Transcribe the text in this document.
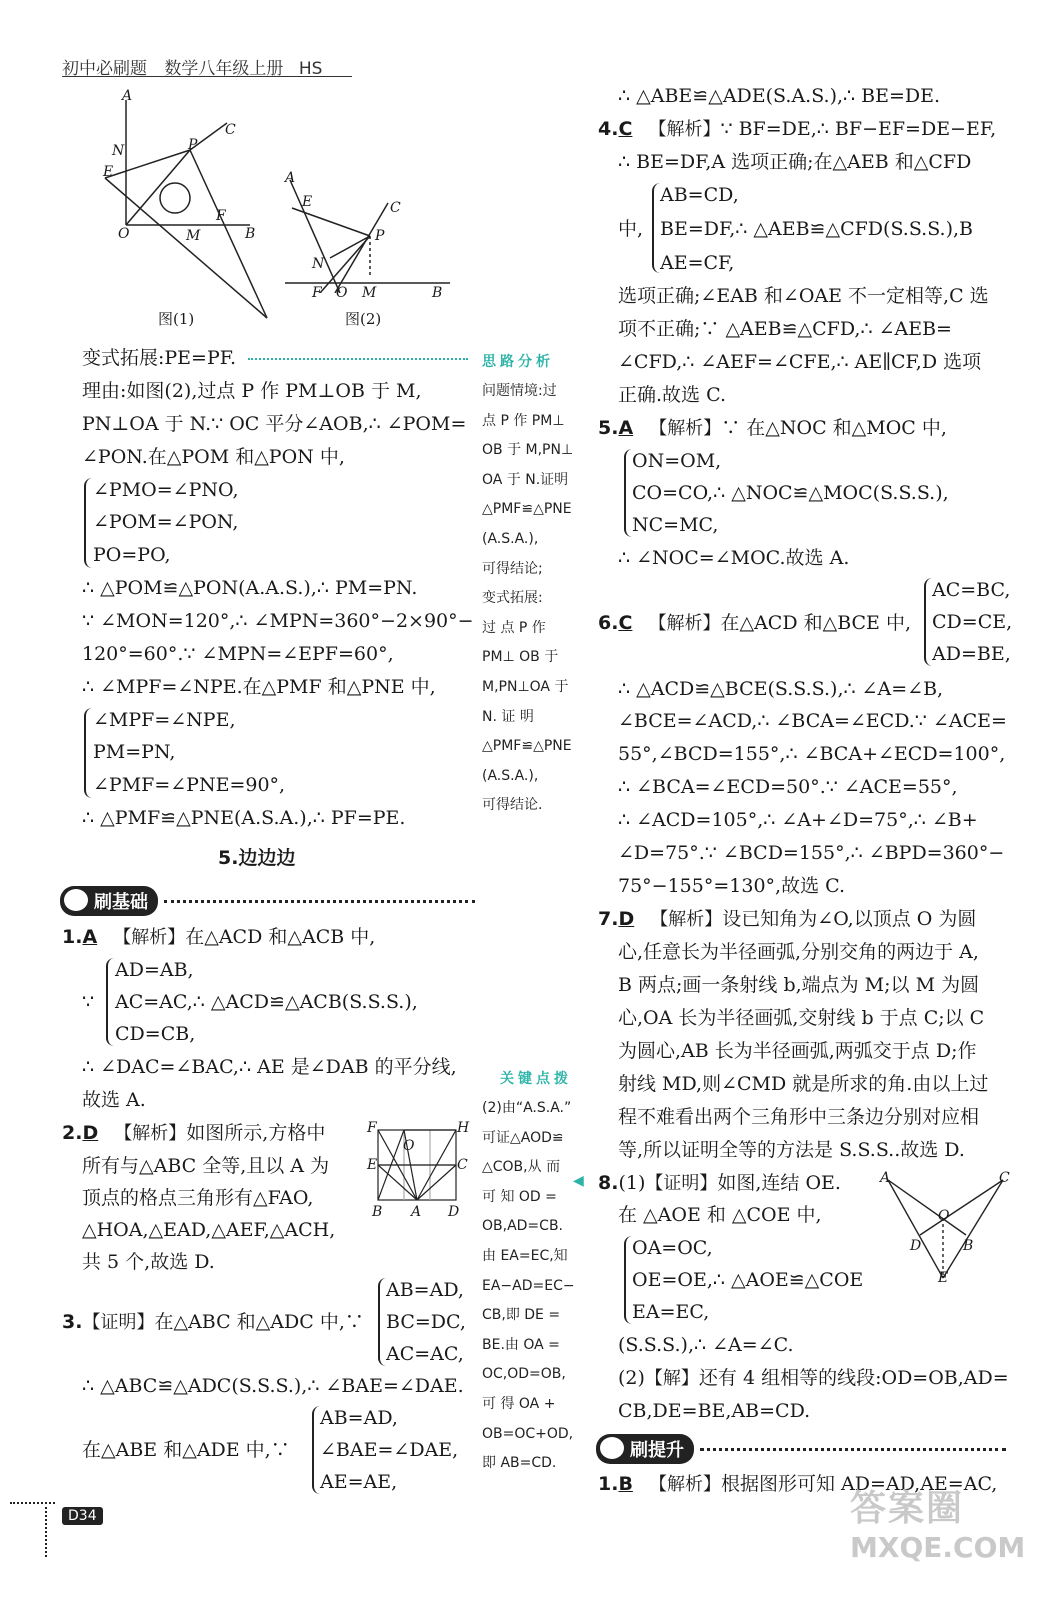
初中必刷题 数学八年级上册 HS
A
N
E
P
C
O	M
F
B
图(1)
A
E	C
P
N
F O M	B
图(2)
变式拓展:PE=PF.
理由:如图(2),过点 P 作 PM⊥OB 于 M,
PN⊥OA 于 N.∵ OC 平分∠AOB,∴ ∠POM=
∠PON.在△POM 和△PON 中,
∠PMO=∠PNO,
∠POM=∠PON,
PO=PO,
∴ △POM≌△PON(A.A.S.),∴ PM=PN.
∵ ∠MON=120°,∴ ∠MPN=360°−2×90°−
120°=60°.∵ ∠MPN=∠EPF=60°,
∴ ∠MPF=∠NPE.在△PMF 和△PNE 中,
∠MPF=∠NPE,
PM=PN,
∠PMF=∠PNE=90°,
∴ △PMF≌△PNE(A.S.A.),∴ PF=PE.
5.边边边
刷基础
1.A 【解析】在△ACD 和△ACB 中,
∵
AD=AB,
AC=AC,∴ △ACD≌△ACB(S.S.S.),
CD=CB,
∴ ∠DAC=∠BAC,∴ AE 是∠DAB 的平分线,
故选 A.
2.D 【解析】如图所示,方格中
所有与△ABC 全等,且以 A 为
顶点的格点三角形有△FAO,
△HOA,△EAD,△AEF,△ACH,
共 5 个,故选 D.
F	H
O
E	C
B A D
3.【证明】在△ABC 和△ADC 中,∵
AB=AD,
BC=DC,
AC=AC,
∴ △ABC≌△ADC(S.S.S.),∴ ∠BAE=∠DAE.
在△ABE 和△ADE 中,∵
AB=AD,
∠BAE=∠DAE,
AE=AE,
D34
思路分析
问题情境:过
点 P 作 PM⊥
OB 于 M,PN⊥
OA 于 N.证明
△PMF≌△PNE
(A.S.A.),
可得结论;
变式拓展:
过 点 P 作
PM⊥ OB 于
M,PN⊥OA 于
N. 证 明
△PMF≌△PNE
(A.S.A.),
可得结论.
关键点拨
(2)由“A.S.A.”
可证△AOD≌
△COB,从 而
可 知 OD =
OB,AD=CB.
由 EA=EC,知
EA−AD=EC−
CB,即 DE =
BE.由 OA =
OC,OD=OB,
可 得 OA +
OB=OC+OD,
即 AB=CD.
◀
∴ △ABE≌△ADE(S.A.S.),∴ BE=DE.
4.C 【解析】∵ BF=DE,∴ BF−EF=DE−EF,
∴ BE=DF,A 选项正确;在△AEB 和△CFD
中,
AB=CD,
BE=DF,∴ △AEB≌△CFD(S.S.S.),B
AE=CF,
选项正确;∠EAB 和∠OAE 不一定相等,C 选
项不正确;∵ △AEB≌△CFD,∴ ∠AEB=
∠CFD,∴ ∠AEF=∠CFE,∴ AE∥CF,D 选项
正确.故选 C.
5.A 【解析】∵ 在△NOC 和△MOC 中,
ON=OM,
CO=CO,∴ △NOC≌△MOC(S.S.S.),
NC=MC,
∴ ∠NOC=∠MOC.故选 A.
6.C 【解析】在△ACD 和△BCE 中,
AC=BC,
CD=CE,
AD=BE,
∴ △ACD≌△BCE(S.S.S.),∴ ∠A=∠B,
∠BCE=∠ACD,∴ ∠BCA=∠ECD.∵ ∠ACE=
55°,∠BCD=155°,∴ ∠BCA+∠ECD=100°,
∴ ∠BCA=∠ECD=50°.∵ ∠ACE=55°,
∴ ∠ACD=105°,∴ ∠A+∠D=75°,∴ ∠B+
∠D=75°.∵ ∠BCD=155°,∴ ∠BPD=360°−
75°−155°=130°,故选 C.
7.D 【解析】设已知角为∠O,以顶点 O 为圆
心,任意长为半径画弧,分别交角的两边于 A,
B 两点;画一条射线 b,端点为 M;以 M 为圆
心,OA 长为半径画弧,交射线 b 于点 C;以 C
为圆心,AB 长为半径画弧,两弧交于点 D;作
射线 MD,则∠CMD 就是所求的角.由以上过
程不难看出两个三角形中三条边分别对应相
等,所以证明全等的方法是 S.S.S..故选 D.
8.(1)【证明】如图,连结 OE.
在 △AOE 和 △COE 中,
OA=OC,
OE=OE,∴ △AOE≌△COE
EA=EC,
(S.S.S.),∴ ∠A=∠C.
(2)【解】还有 4 组相等的线段:OD=OB,AD=
CB,DE=BE,AB=CD.
A	C
O
D	B
E
刷提升
1.B 【解析】根据图形可知 AD=AD,AE=AC,
答案圈
MXQE.COM
